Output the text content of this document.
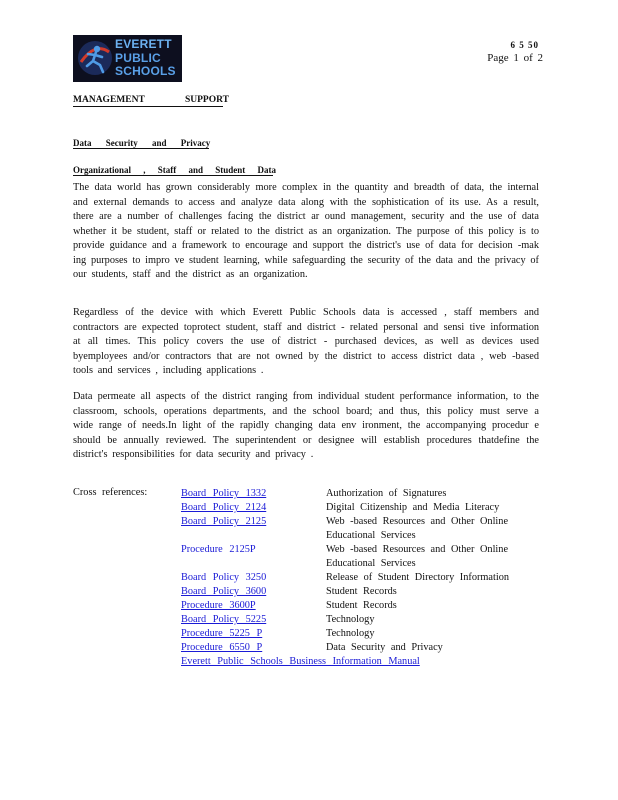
EVERETT
PUBLIC
SCHOOLS
6 5 50
Page 1 of 2
MANAGEMENT SUPPORT
Data Security and Privacy
Organizational , Staff and Student Data

The data world has grown considerably more complex in the quantity and breadth of data, the internal and external demands to access and analyze data along with the sophistication of its use. As a result, there are a number of challenges facing the district ar ound management, security and the use of data whether it be student, staff or related to the district as an organization. The purpose of this policy is to provide guidance and a framework to encourage and support the district's use of data for decision -mak ing purposes to impro ve student learning, while safeguarding the security of the data and the privacy of our students, staff and the district as an organization.

Regardless of the device with which Everett Public Schools data is accessed , staff members and contractors are expected toprotect student, staff and district - related personal and sensi tive information at all times. This policy covers the use of district - purchased devices, as well as devices used byemployees and/or contractors that are not owned by the district to access district data , web -based tools and services , including applications .

Data permeate all aspects of the district ranging from individual student performance information, to the classroom, schools, operations departments, and the school board; and thus, this policy must serve a wide range of needs.In light of the rapidly changing data env ironment, the accompanying procedur e should be annually reviewed. The superintendent or designee will establish procedures thatdefine the district's responsibilities for data security and privacy .

Cross references:	Board Policy 1332	Authorization of Signatures
Board Policy 2124	Digital Citizenship and Media Literacy
Board Policy 2125	Web -based Resources and Other Online Educational Services
Procedure 2125P	Web -based Resources and Other Online Educational Services
Board Policy 3250	Release of Student Directory Information
Board Policy 3600	Student Records
Procedure 3600P	Student Records
Board Policy 5225	Technology
Procedure 5225 P	Technology
Procedure 6550 P	Data Security and Privacy
Everett Public Schools Business Information Manual
